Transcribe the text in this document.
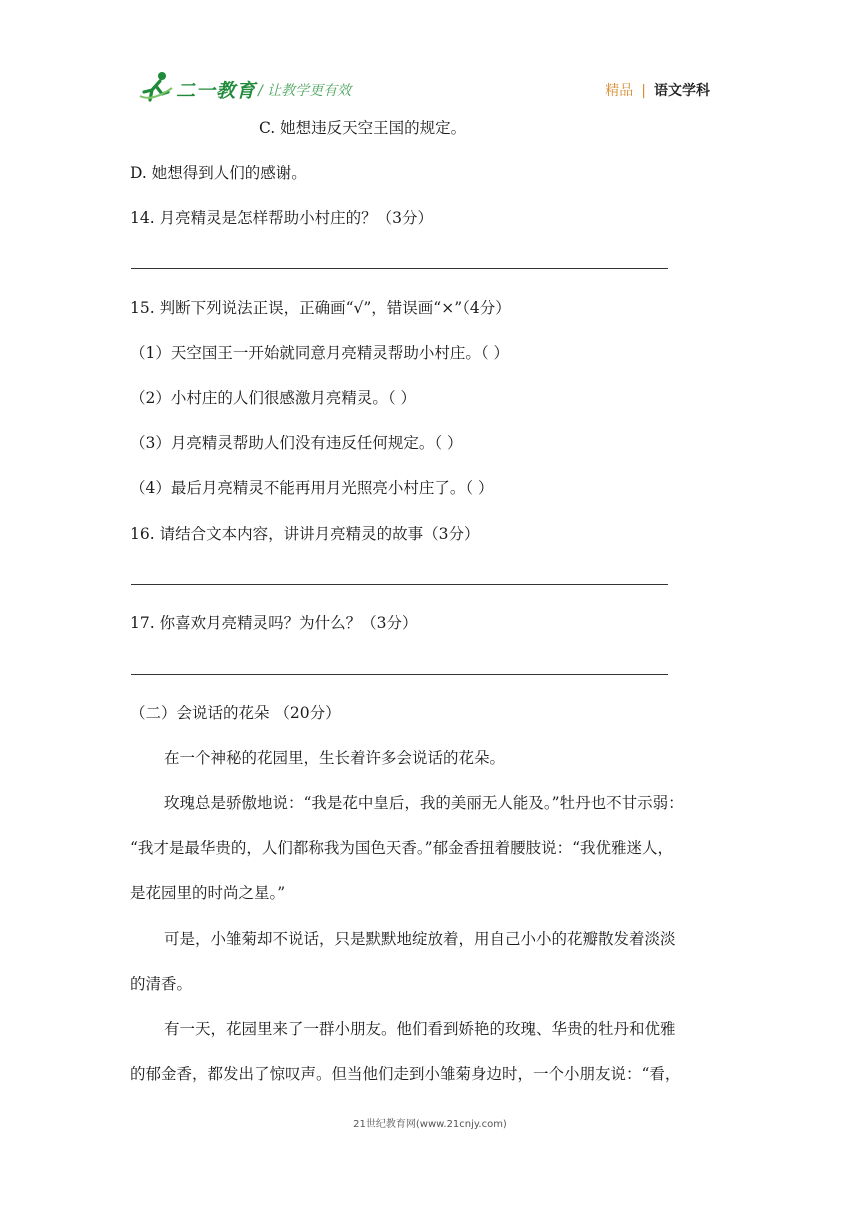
二一教育 / 让教学更有效	精品 | 语文学科
C. 她想违反天空王国的规定。
D. 她想得到人们的感谢。
14. 月亮精灵是怎样帮助小村庄的？（3分）
15. 判断下列说法正误，正确画“√”，错误画“×”（4分）
（1）天空国王一开始就同意月亮精灵帮助小村庄。（ ）
（2）小村庄的人们很感激月亮精灵。（ ）
（3）月亮精灵帮助人们没有违反任何规定。（ ）
（4）最后月亮精灵不能再用月光照亮小村庄了。（ ）
16. 请结合文本内容，讲讲月亮精灵的故事（3分）
17. 你喜欢月亮精灵吗？为什么？（3分）
（二）会说话的花朵 （20分）
在一个神秘的花园里，生长着许多会说话的花朵。
玫瑰总是骄傲地说：“我是花中皇后，我的美丽无人能及。”牡丹也不甘示弱：
“我才是最华贵的，人们都称我为国色天香。”郁金香扭着腰肢说：“我优雅迷人，
是花园里的时尚之星。”
可是，小雏菊却不说话，只是默默地绽放着，用自己小小的花瓣散发着淡淡
的清香。
有一天，花园里来了一群小朋友。他们看到娇艳的玫瑰、华贵的牡丹和优雅
的郁金香，都发出了惊叹声。但当他们走到小雏菊身边时，一个小朋友说：“看，
21世纪教育网(www.21cnjy.com)
